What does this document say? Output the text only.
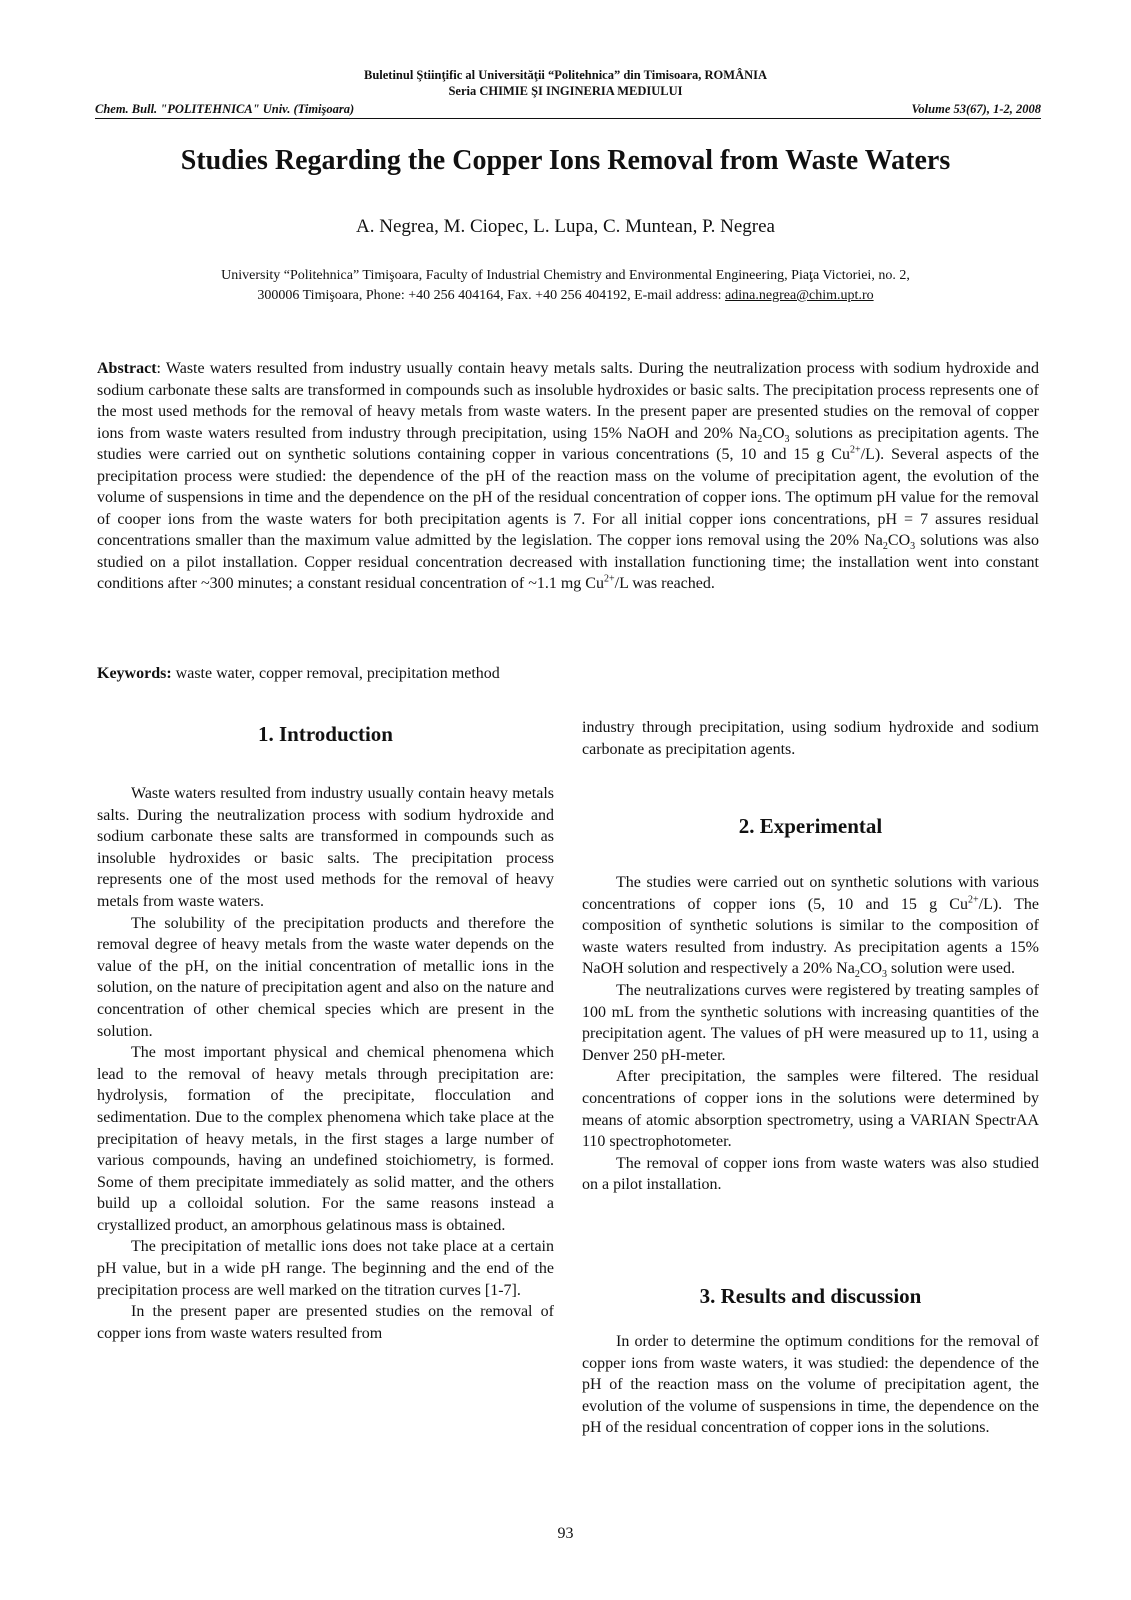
Buletinul Ştiinţific al Universităţii “Politehnica” din Timisoara, ROMÂNIA
Seria CHIMIE ŞI INGINERIA MEDIULUI
Chem. Bull. "POLITEHNICA" Univ. (Timişoara)	Volume 53(67), 1-2, 2008
Studies Regarding the Copper Ions Removal from Waste Waters
A. Negrea, M. Ciopec, L. Lupa, C. Muntean, P. Negrea
University “Politehnica” Timişoara, Faculty of Industrial Chemistry and Environmental Engineering, Piaţa Victoriei, no. 2,
300006 Timişoara, Phone: +40 256 404164, Fax. +40 256 404192, E-mail address: adina.negrea@chim.upt.ro
Abstract: Waste waters resulted from industry usually contain heavy metals salts. During the neutralization process with sodium hydroxide and sodium carbonate these salts are transformed in compounds such as insoluble hydroxides or basic salts. The precipitation process represents one of the most used methods for the removal of heavy metals from waste waters. In the present paper are presented studies on the removal of copper ions from waste waters resulted from industry through precipitation, using 15% NaOH and 20% $Na_2CO_3$ solutions as precipitation agents. The studies were carried out on synthetic solutions containing copper in various concentrations (5, 10 and 15 g $Cu^{2+}/L$). Several aspects of the precipitation process were studied: the dependence of the pH of the reaction mass on the volume of precipitation agent, the evolution of the volume of suspensions in time and the dependence on the pH of the residual concentration of copper ions. The optimum pH value for the removal of cooper ions from the waste waters for both precipitation agents is 7. For all initial copper ions concentrations, pH = 7 assures residual concentrations smaller than the maximum value admitted by the legislation. The copper ions removal using the 20% $Na_2CO_3$ solutions was also studied on a pilot installation. Copper residual concentration decreased with installation functioning time; the installation went into constant conditions after ~300 minutes; a constant residual concentration of ~1.1 mg $Cu^{2+}/L$ was reached.
Keywords: waste water, copper removal, precipitation method
1. Introduction

Waste waters resulted from industry usually contain heavy metals salts. During the neutralization process with sodium hydroxide and sodium carbonate these salts are transformed in compounds such as insoluble hydroxides or basic salts. The precipitation process represents one of the most used methods for the removal of heavy metals from waste waters.

The solubility of the precipitation products and therefore the removal degree of heavy metals from the waste water depends on the value of the pH, on the initial concentration of metallic ions in the solution, on the nature of precipitation agent and also on the nature and concentration of other chemical species which are present in the solution.

The most important physical and chemical phenomena which lead to the removal of heavy metals through precipitation are: hydrolysis, formation of the precipitate, flocculation and sedimentation. Due to the complex phenomena which take place at the precipitation of heavy metals, in the first stages a large number of various compounds, having an undefined stoichiometry, is formed. Some of them precipitate immediately as solid matter, and the others build up a colloidal solution. For the same reasons instead a crystallized product, an amorphous gelatinous mass is obtained.

The precipitation of metallic ions does not take place at a certain pH value, but in a wide pH range. The beginning and the end of the precipitation process are well marked on the titration curves [1-7].

In the present paper are presented studies on the removal of copper ions from waste waters resulted from

industry through precipitation, using sodium hydroxide and sodium carbonate as precipitation agents.

2. Experimental

The studies were carried out on synthetic solutions with various concentrations of copper ions (5, 10 and 15 g $Cu^{2+}/L$). The composition of synthetic solutions is similar to the composition of waste waters resulted from industry. As precipitation agents a 15% NaOH solution and respectively a 20% $Na_2CO_3$ solution were used.

The neutralizations curves were registered by treating samples of 100 mL from the synthetic solutions with increasing quantities of the precipitation agent. The values of pH were measured up to 11, using a Denver 250 pH-meter.

After precipitation, the samples were filtered. The residual concentrations of copper ions in the solutions were determined by means of atomic absorption spectrometry, using a VARIAN SpectrAA 110 spectrophotometer.

The removal of copper ions from waste waters was also studied on a pilot installation.

3. Results and discussion

In order to determine the optimum conditions for the removal of copper ions from waste waters, it was studied: the dependence of the pH of the reaction mass on the volume of precipitation agent, the evolution of the volume of suspensions in time, the dependence on the pH of the residual concentration of copper ions in the solutions.

93
